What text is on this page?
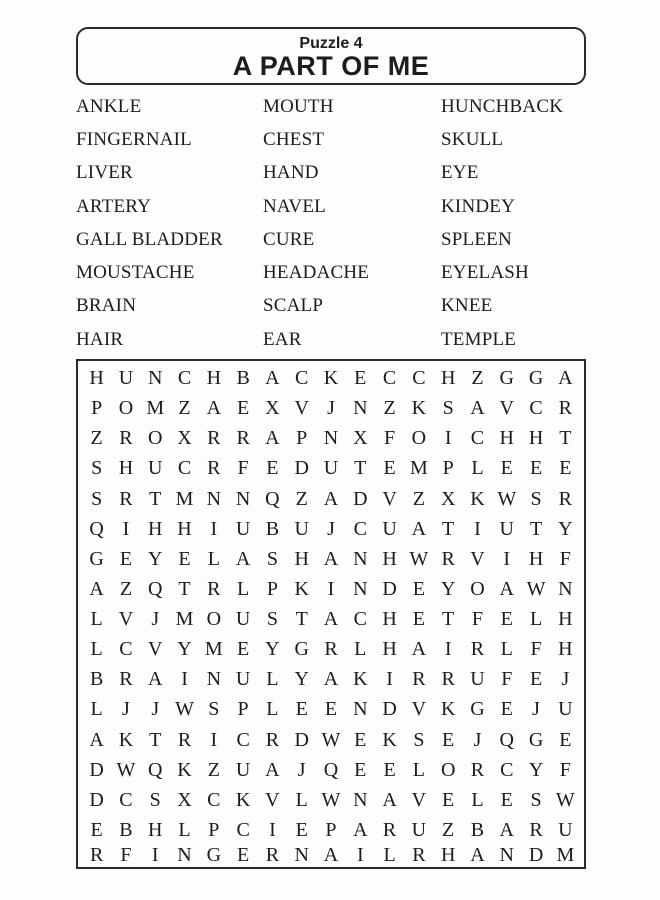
Puzzle 4
A PART OF ME
ANKLE	MOUTH	HUNCHBACK
FINGERNAIL	CHEST	SKULL
LIVER	HAND	EYE
ARTERY	NAVEL	KINDEY
GALL BLADDER	CURE	SPLEEN
MOUSTACHE	HEADACHE	EYELASH
BRAIN	SCALP	KNEE
HAIR	EAR	TEMPLE
H U N C H B A C K E C C H Z G G A
P O M Z A E X V J N Z K S A V C R
Z R O X R R A P N X F O I C H H T
S H U C R F E D U T E M P L E E E
S R T M N N Q Z A D V Z X K W S R
Q I H H I U B U J C U A T I U T Y
G E Y E L A S H A N H W R V I H F
A Z Q T R L P K I N D E Y O A W N
L V J M O U S T A C H E T F E L H
L C V Y M E Y G R L H A I R L F H
B R A I N U L Y A K I R R U F E J
L J	J W S P L E E N D V K G E J U
A K T R I C R D W E K S E J Q G E
D W Q K Z U A J Q E E L O R C Y F
D C S X C K V L W N A V E L E S W
E B H L P C I E P A R U Z B A R U
R F	I N G E R N A I L R H A N D M
